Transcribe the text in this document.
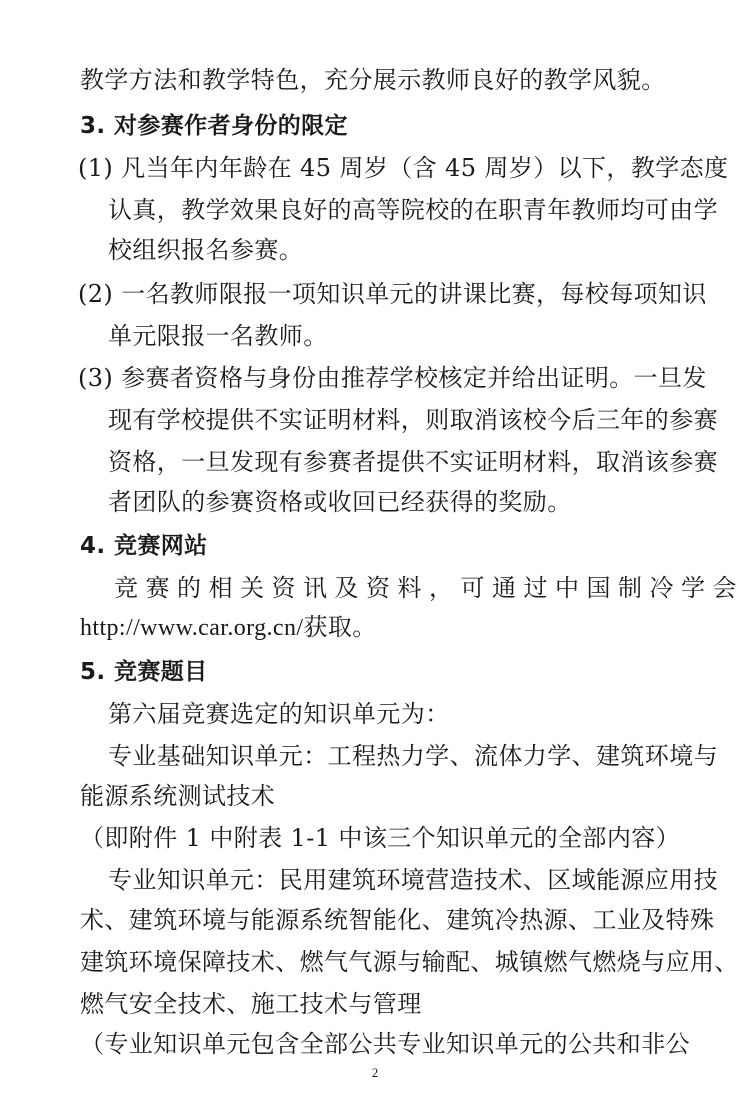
教学方法和教学特色，充分展示教师良好的教学风貌。
3. 对参赛作者身份的限定
(1) 凡当年内年龄在 45 周岁（含 45 周岁）以下，教学态度
认真，教学效果良好的高等院校的在职青年教师均可由学
校组织报名参赛。
(2) 一名教师限报一项知识单元的讲课比赛，每校每项知识
单元限报一名教师。
(3) 参赛者资格与身份由推荐学校核定并给出证明。一旦发
现有学校提供不实证明材料，则取消该校今后三年的参赛
资格，一旦发现有参赛者提供不实证明材料，取消该参赛
者团队的参赛资格或收回已经获得的奖励。
4. 竞赛网站
竞赛的相关资讯及资料，可通过中国制冷学会
http://www.car.org.cn/获取。
5. 竞赛题目
第六届竞赛选定的知识单元为：
专业基础知识单元：工程热力学、流体力学、建筑环境与
能源系统测试技术
（即附件 1 中附表 1-1 中该三个知识单元的全部内容）
专业知识单元：民用建筑环境营造技术、区域能源应用技
术、建筑环境与能源系统智能化、建筑冷热源、工业及特殊
建筑环境保障技术、燃气气源与输配、城镇燃气燃烧与应用、
燃气安全技术、施工技术与管理
（专业知识单元包含全部公共专业知识单元的公共和非公
2
